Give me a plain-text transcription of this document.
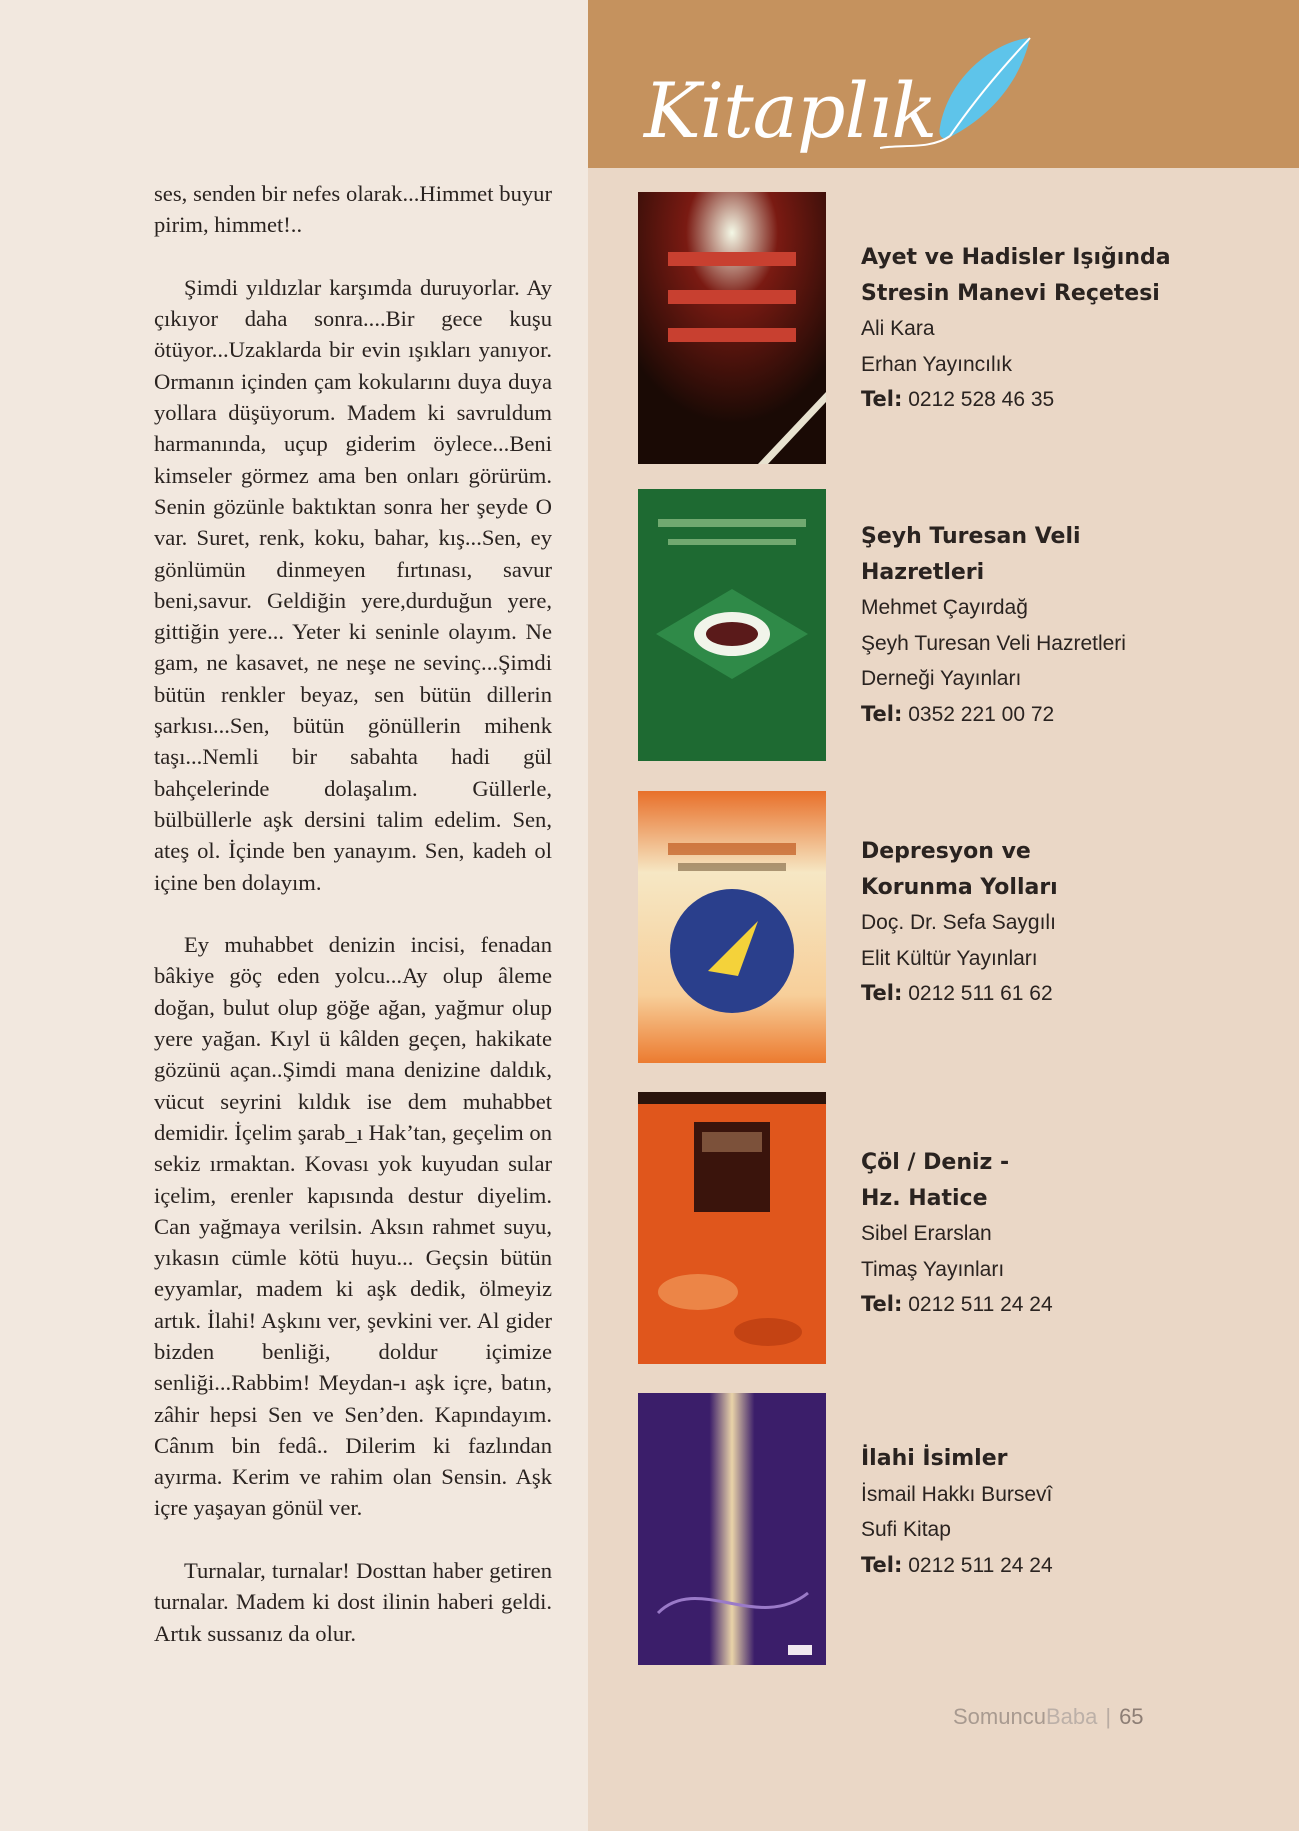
ses, senden bir nefes olarak...Himmet buyur pirim, himmet!..

Şimdi yıldızlar karşımda duruyorlar. Ay çıkıyor daha sonra....Bir gece kuşu ötüyor...Uzaklarda bir evin ışıkları yanıyor. Ormanın içinden çam kokularını duya duya yollara düşüyorum. Madem ki savruldum harmanında, uçup giderim öylece...Beni kimseler görmez ama ben onları görürüm. Senin gözünle baktıktan sonra her şeyde O var. Suret, renk, koku, bahar, kış...Sen, ey gönlümün dinmeyen fırtınası, savur beni,savur. Geldiğin yere,durduğun yere, gittiğin yere... Yeter ki seninle olayım. Ne gam, ne kasavet, ne neşe ne sevinç...Şimdi bütün renkler beyaz, sen bütün dillerin şarkısı...Sen, bütün gönüllerin mihenk taşı...Nemli bir sabahta hadi gül bahçelerinde dolaşalım. Güllerle, bülbüllerle aşk dersini talim edelim. Sen, ateş ol. İçinde ben yanayım. Sen, kadeh ol içine ben dolayım.

Ey muhabbet denizin incisi, fenadan bâkiye göç eden yolcu...Ay olup âleme doğan, bulut olup göğe ağan, yağmur olup yere yağan. Kıyl ü kâlden geçen, hakikate gözünü açan..Şimdi mana denizine daldık, vücut seyrini kıldık ise dem muhabbet demidir. İçelim şarab_ı Hak’tan, geçelim on sekiz ırmaktan. Kovası yok kuyudan sular içelim, erenler kapısında destur diyelim. Can yağmaya verilsin. Aksın rahmet suyu, yıkasın cümle kötü huyu... Geçsin bütün eyyamlar, madem ki aşk dedik, ölmeyiz artık. İlahi! Aşkını ver, şevkini ver. Al gider bizden benliği, doldur içimize senliği...Rabbim! Meydan-ı aşk içre, batın, zâhir hepsi Sen ve Sen’den. Kapındayım. Cânım bin fedâ.. Dilerim ki fazlından ayırma. Kerim ve rahim olan Sensin. Aşk içre yaşayan gönül ver.

Turnalar, turnalar! Dosttan haber getiren turnalar. Madem ki dost ilinin haberi geldi. Artık sussanız da olur.

Kitaplık

Ayet ve Hadisler Işığında

Stresin Manevi Reçetesi

Ali Kara

Erhan Yayıncılık

Tel: 0212 528 46 35

Şeyh Turesan Veli

Hazretleri

Mehmet Çayırdağ

Şeyh Turesan Veli Hazretleri

Derneği Yayınları

Tel: 0352 221 00 72

Depresyon ve

Korunma Yolları

Doç. Dr. Sefa Saygılı

Elit Kültür Yayınları

Tel: 0212 511 61 62

Çöl / Deniz -

Hz. Hatice

Sibel Erarslan

Timaş Yayınları

Tel: 0212 511 24 24

İlahi İsimler

İsmail Hakkı Bursevî

Sufi Kitap

Tel: 0212 511 24 24

SomuncuBaba | 65
